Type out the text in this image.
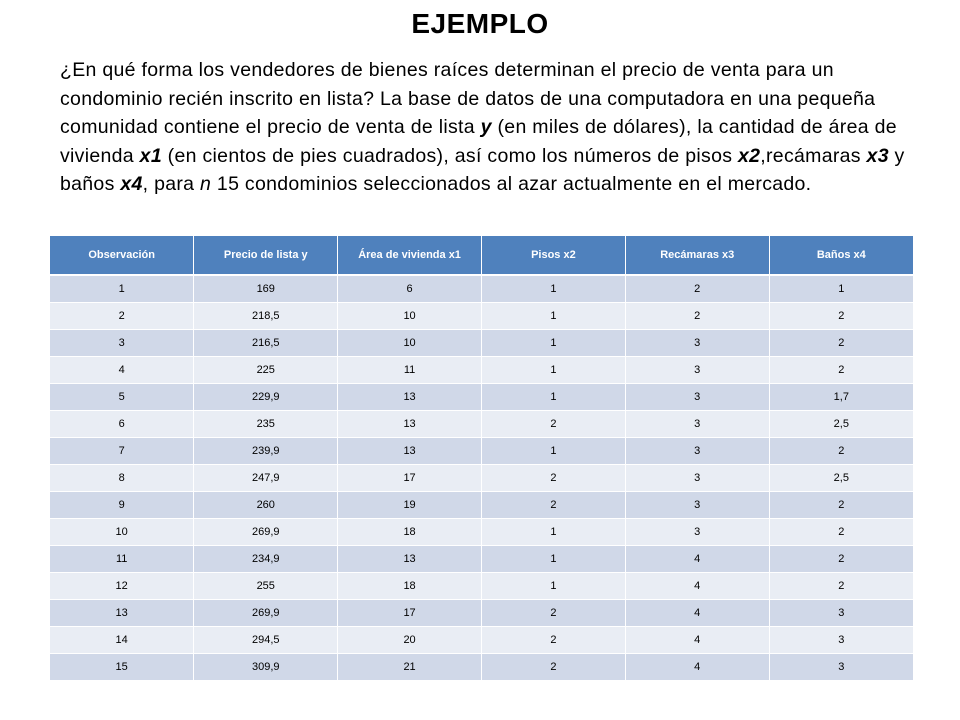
EJEMPLO
¿En qué forma los vendedores de bienes raíces determinan el precio de venta para un condominio recién inscrito en lista? La base de datos de una computadora en una pequeña comunidad contiene el precio de venta de lista y (en miles de dólares), la cantidad de área de vivienda x1 (en cientos de pies cuadrados), así como los números de pisos x2,recámaras x3 y baños x4, para n 15 condominios seleccionados al azar actualmente en el mercado.
Observación	Precio de lista y	Área de vivienda x1	Pisos x2	Recámaras x3	Baños x4
1	169	6	1	2	1
2	218,5	10	1	2	2
3	216,5	10	1	3	2
4	225	11	1	3	2
5	229,9	13	1	3	1,7
6	235	13	2	3	2,5
7	239,9	13	1	3	2
8	247,9	17	2	3	2,5
9	260	19	2	3	2
10	269,9	18	1	3	2
11	234,9	13	1	4	2
12	255	18	1	4	2
13	269,9	17	2	4	3
14	294,5	20	2	4	3
15	309,9	21	2	4	3
